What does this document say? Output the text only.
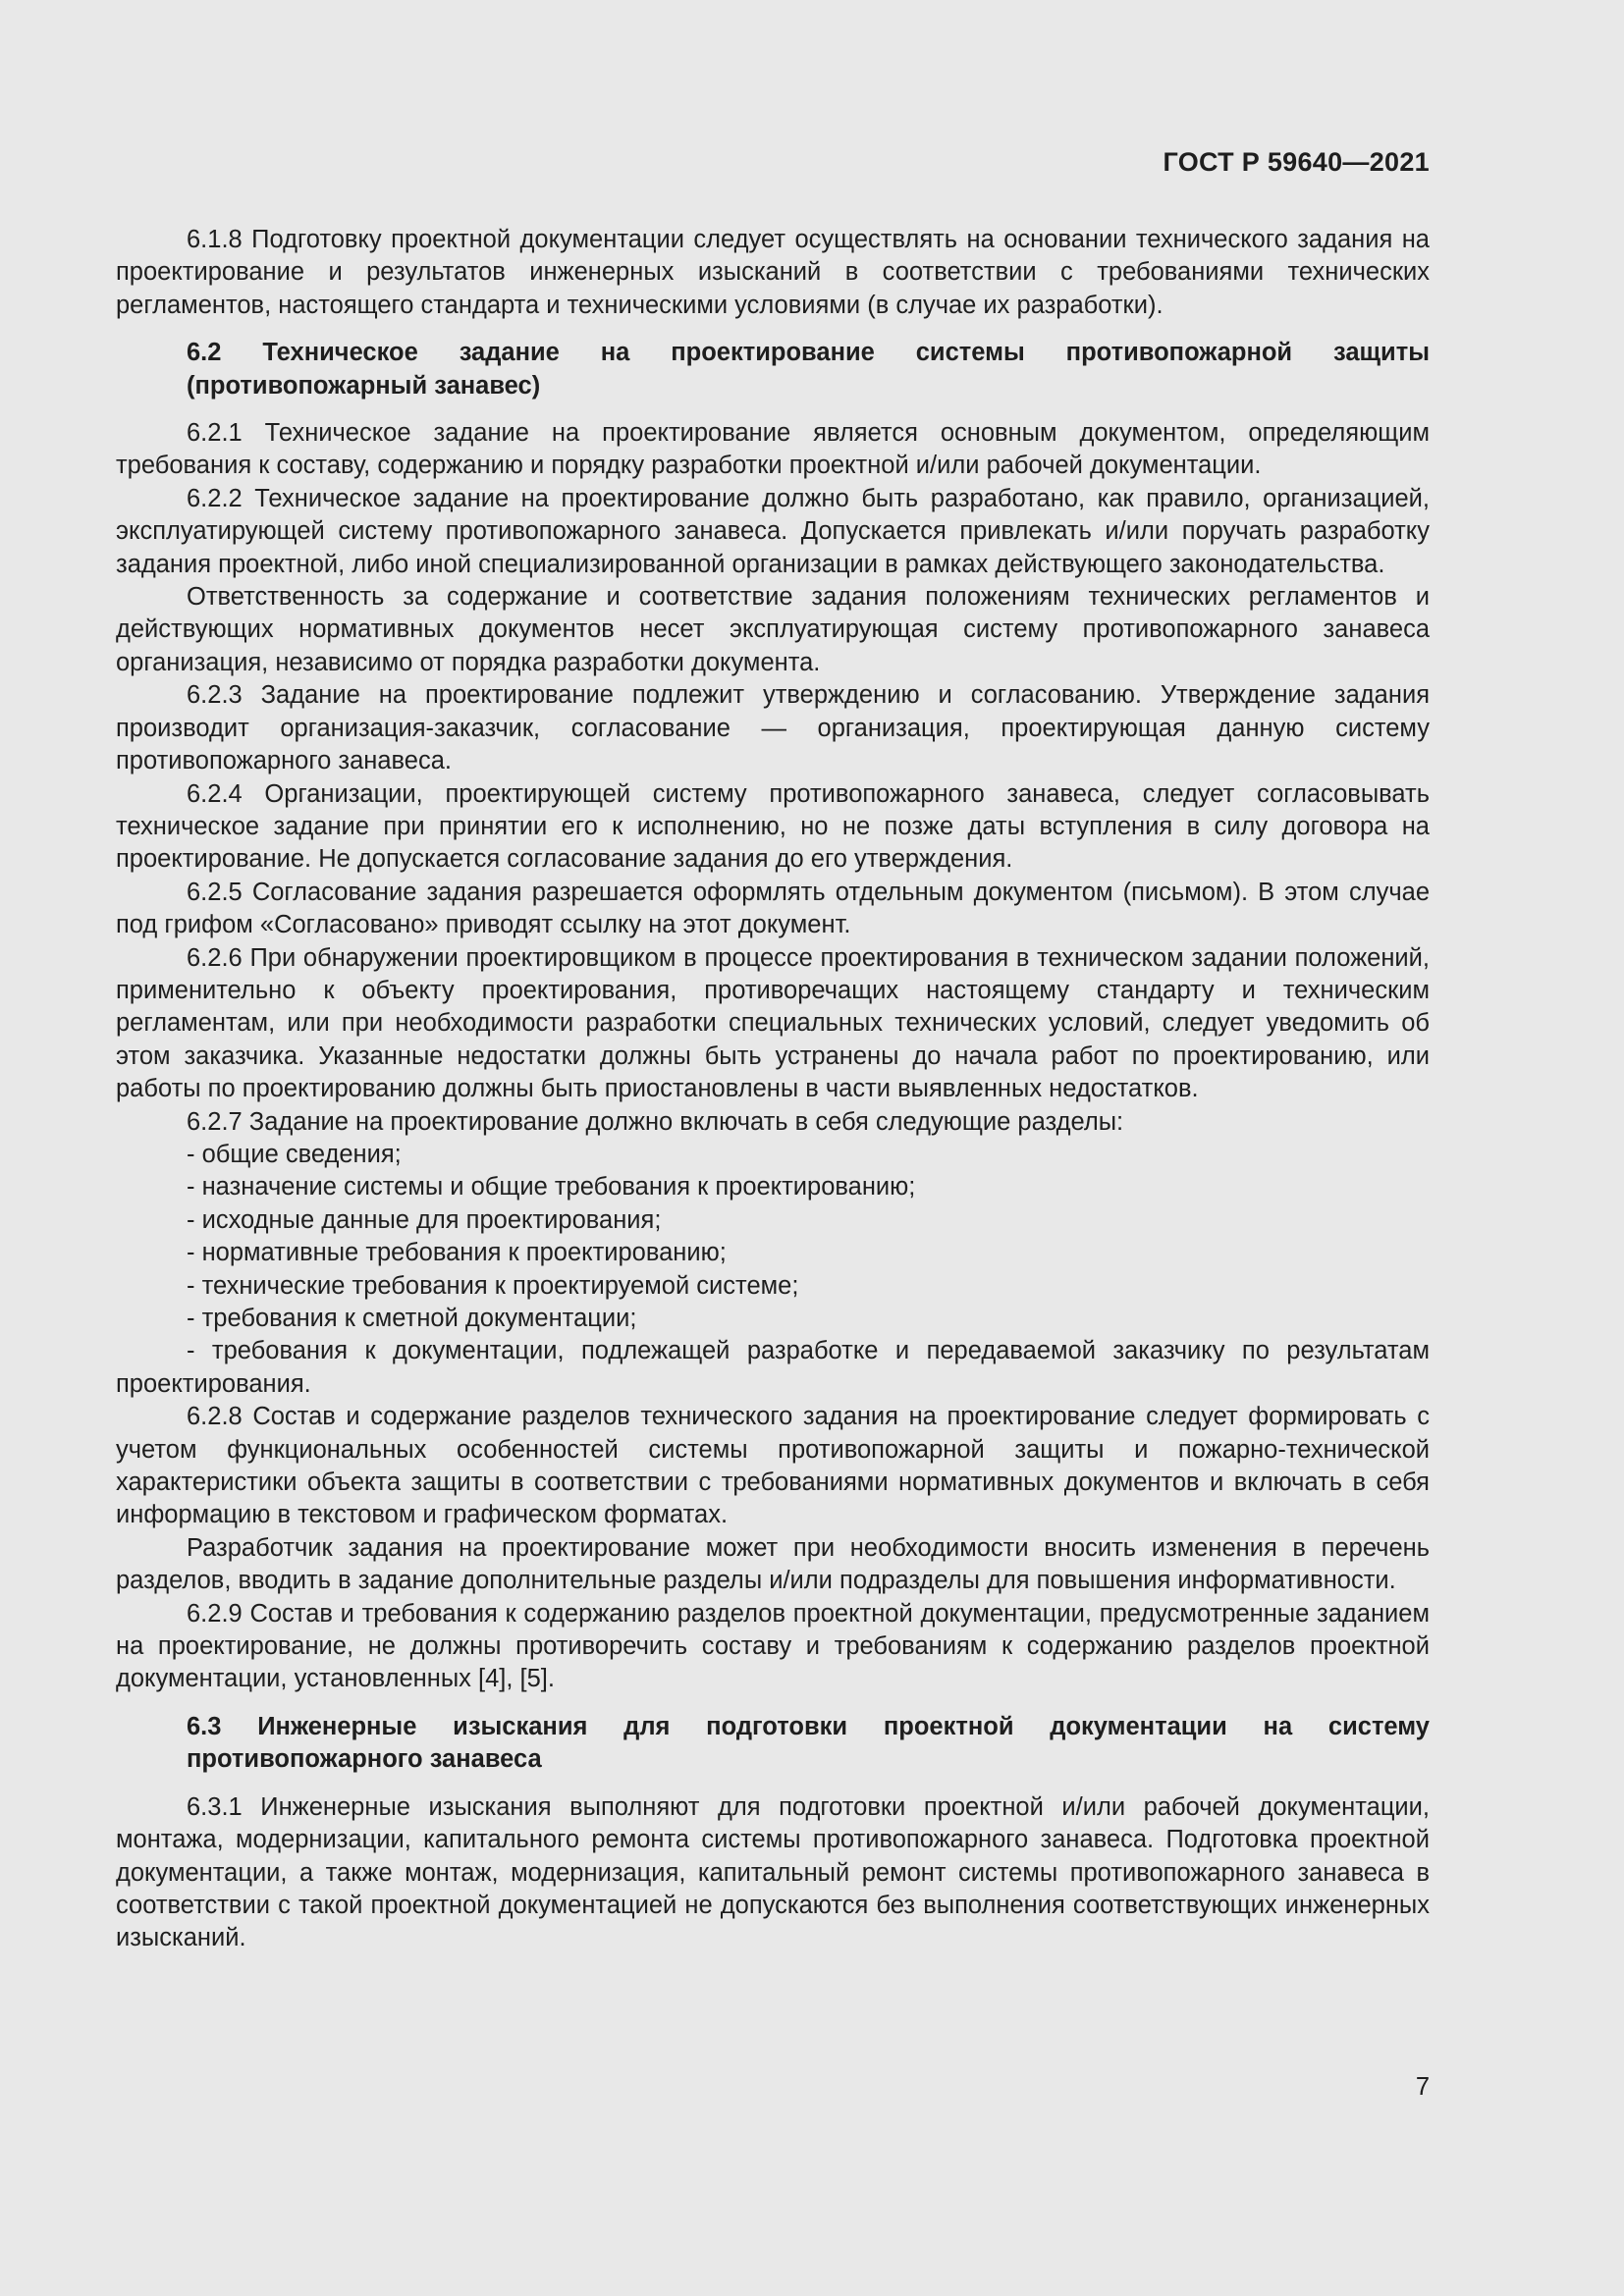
ГОСТ Р 59640—2021

6.1.8 Подготовку проектной документации следует осуществлять на основании технического задания на проектирование и результатов инженерных изысканий в соответствии с требованиями технических регламентов, настоящего стандарта и техническими условиями (в случае их разработки).

6.2 Техническое задание на проектирование системы противопожарной защиты (противопожарный занавес)

6.2.1 Техническое задание на проектирование является основным документом, определяющим требования к составу, содержанию и порядку разработки проектной и/или рабочей документации.

6.2.2 Техническое задание на проектирование должно быть разработано, как правило, организацией, эксплуатирующей систему противопожарного занавеса. Допускается привлекать и/или поручать разработку задания проектной, либо иной специализированной организации в рамках действующего законодательства.

Ответственность за содержание и соответствие задания положениям технических регламентов и действующих нормативных документов несет эксплуатирующая систему противопожарного занавеса организация, независимо от порядка разработки документа.

6.2.3 Задание на проектирование подлежит утверждению и согласованию. Утверждение задания производит организация-заказчик, согласование — организация, проектирующая данную систему противопожарного занавеса.

6.2.4 Организации, проектирующей систему противопожарного занавеса, следует согласовывать техническое задание при принятии его к исполнению, но не позже даты вступления в силу договора на проектирование. Не допускается согласование задания до его утверждения.

6.2.5 Согласование задания разрешается оформлять отдельным документом (письмом). В этом случае под грифом «Согласовано» приводят ссылку на этот документ.

6.2.6 При обнаружении проектировщиком в процессе проектирования в техническом задании положений, применительно к объекту проектирования, противоречащих настоящему стандарту и техническим регламентам, или при необходимости разработки специальных технических условий, следует уведомить об этом заказчика. Указанные недостатки должны быть устранены до начала работ по проектированию, или работы по проектированию должны быть приостановлены в части выявленных недостатков.

6.2.7 Задание на проектирование должно включать в себя следующие разделы:

- общие сведения;

- назначение системы и общие требования к проектированию;

- исходные данные для проектирования;

- нормативные требования к проектированию;

- технические требования к проектируемой системе;

- требования к сметной документации;

- требования к документации, подлежащей разработке и передаваемой заказчику по результатам проектирования.

6.2.8 Состав и содержание разделов технического задания на проектирование следует формировать с учетом функциональных особенностей системы противопожарной защиты и пожарно-технической характеристики объекта защиты в соответствии с требованиями нормативных документов и включать в себя информацию в текстовом и графическом форматах.

Разработчик задания на проектирование может при необходимости вносить изменения в перечень разделов, вводить в задание дополнительные разделы и/или подразделы для повышения информативности.

6.2.9 Состав и требования к содержанию разделов проектной документации, предусмотренные заданием на проектирование, не должны противоречить составу и требованиям к содержанию разделов проектной документации, установленных [4], [5].

6.3 Инженерные изыскания для подготовки проектной документации на систему противопожарного занавеса

6.3.1 Инженерные изыскания выполняют для подготовки проектной и/или рабочей документации, монтажа, модернизации, капитального ремонта системы противопожарного занавеса. Подготовка проектной документации, а также монтаж, модернизация, капитальный ремонт системы противопожарного занавеса в соответствии с такой проектной документацией не допускаются без выполнения соответствующих инженерных изысканий.

7
